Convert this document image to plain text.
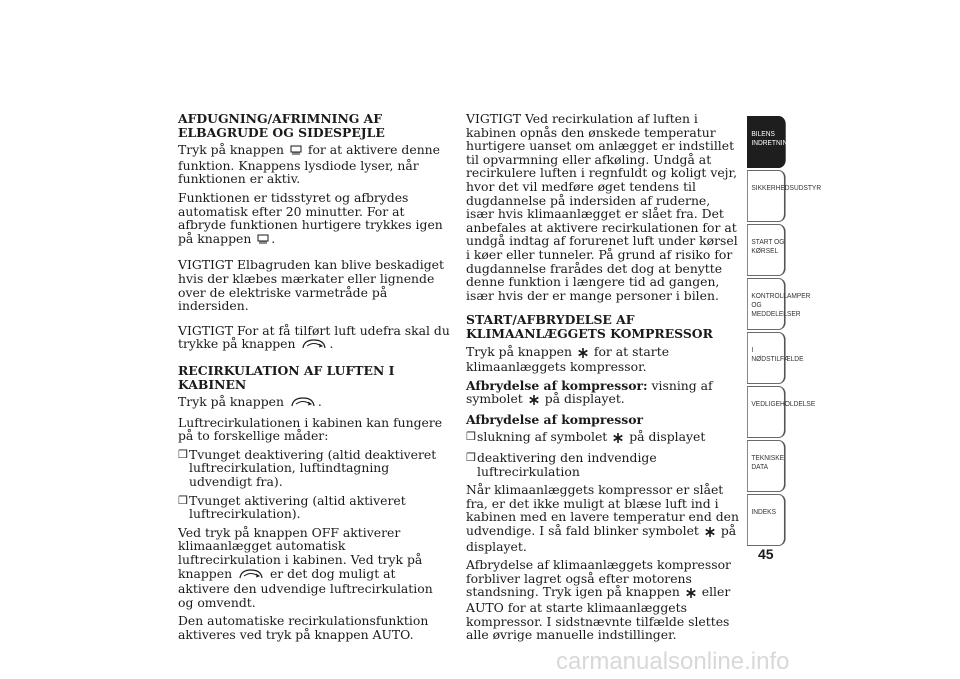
AFDUGNING/AFRIMNING AF ELBAGRUDE OG SIDESPEJLE

Tryk på knappen for at aktivere denne funktion. Knappens lysdiode lyser, når funktionen er aktiv.

Funktionen er tidsstyret og afbrydes automatisk efter 20 minutter. For at afbryde funktionen hurtigere trykkes igen på knappen .

VIGTIGT Elbagruden kan blive beskadiget hvis der klæbes mærkater eller lignende over de elektriske varmetråde på indersiden.

VIGTIGT For at få tilført luft udefra skal du trykke på knappen	.

RECIRKULATION AF LUFTEN I KABINEN

Tryk på knappen	.

Luftrecirkulationen i kabinen kan fungere på to forskellige måder:

❒ Tvunget deaktivering (altid deaktiveret luftrecirkulation, luftindtagning udvendigt fra).
❒ Tvunget aktivering (altid aktiveret luftrecirkulation).

Ved tryk på knappen OFF aktiverer klimaanlægget automatisk luftrecirkulation i kabinen. Ved tryk på knappen	er det dog muligt at aktivere den udvendige luftrecirkulation og omvendt.

Den automatiske recirkulationsfunktion aktiveres ved tryk på knappen AUTO.

VIGTIGT Ved recirkulation af luften i kabinen opnås den ønskede temperatur hurtigere uanset om anlægget er indstillet til opvarmning eller afkøling. Undgå at recirkulere luften i regnfuldt og koligt vejr, hvor det vil medføre øget tendens til dugdannelse på indersiden af ruderne, især hvis klimaanlægget er slået fra. Det anbefales at aktivere recirkulationen for at undgå indtag af forurenet luft under kørsel i køer eller tunneler. På grund af risiko for dugdannelse frarådes det dog at benytte denne funktion i længere tid ad gangen, især hvis der er mange personer i bilen.

START/AFBRYDELSE AF KLIMAANLÆGGETS KOMPRESSOR

Tryk på knappen for at starte klimaanlæggets kompressor.

Afbrydelse af kompressor: visning af symbolet på displayet.

Afbrydelse af kompressor
❒ slukning af symbolet på displayet
❒ deaktivering den indvendige luftrecirkulation

Når klimaanlæggets kompressor er slået fra, er det ikke muligt at blæse luft ind i kabinen med en lavere temperatur end den udvendige. I så fald blinker symbolet på displayet.

Afbrydelse af klimaanlæggets kompressor forbliver lagret også efter motorens standsning. Tryk igen på knappen eller AUTO for at starte klimaanlæggets kompressor. I sidstnævnte tilfælde slettes alle øvrige manuelle indstillinger.

BILENS INDRETNING
SIKKERHEDSUDSTYR
START OG KØRSEL
KONTROLLAMPER OG MEDDELELSER
I NØDSTILFÆLDE
VEDLIGEHOLDELSE
TEKNISKE DATA
INDEKS
45
carmanualsonline.info
